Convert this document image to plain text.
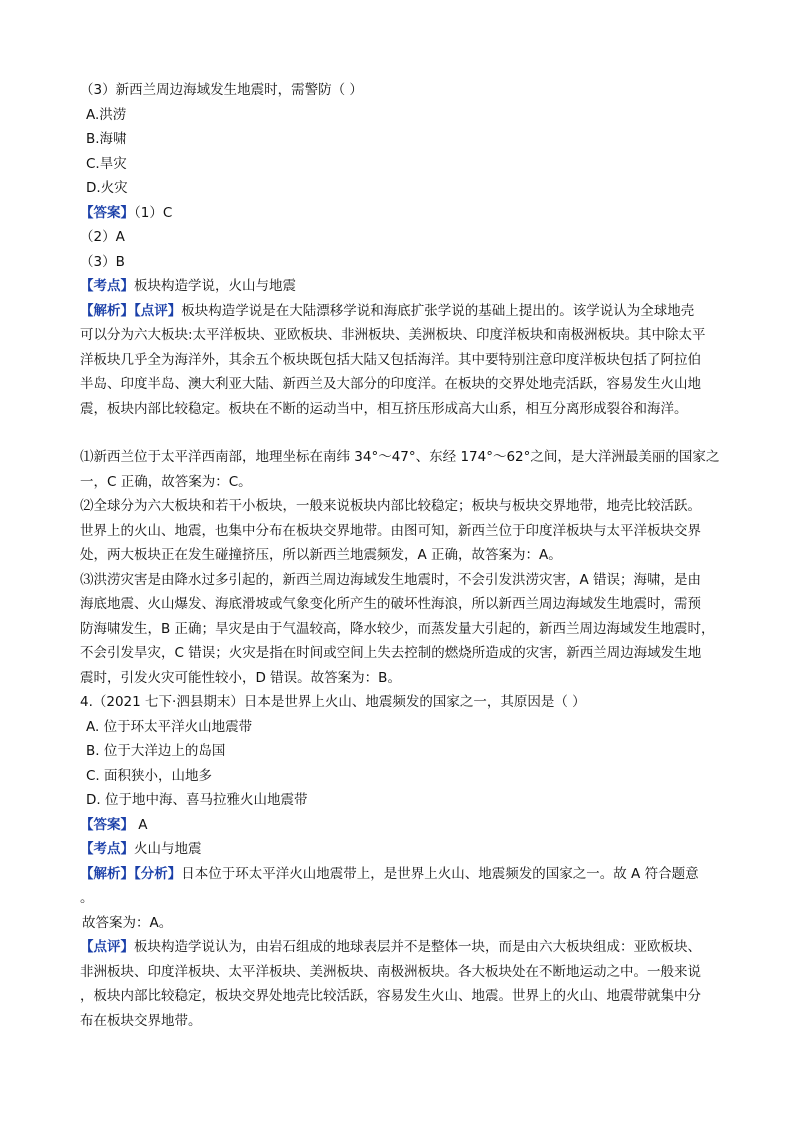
（3）新西兰周边海域发生地震时，需警防（ ）
A.洪涝
B.海啸
C.旱灾
D.火灾
【答案】（1）C
（2）A
（3）B
【考点】板块构造学说，火山与地震
【解析】【点评】板块构造学说是在大陆漂移学说和海底扩张学说的基础上提出的。该学说认为全球地壳
可以分为六大板块:太平洋板块、亚欧板块、非洲板块、美洲板块、印度洋板块和南极洲板块。其中除太平
洋板块几乎全为海洋外，其余五个板块既包括大陆又包括海洋。其中要特别注意印度洋板块包括了阿拉伯
半岛、印度半岛、澳大利亚大陆、新西兰及大部分的印度洋。在板块的交界处地壳活跃，容易发生火山地
震，板块内部比较稳定。板块在不断的运动当中，相互挤压形成高大山系，相互分离形成裂谷和海洋。
⑴新西兰位于太平洋西南部，地理坐标在南纬 34°～47°、东经 174°～62°之间，是大洋洲最美丽的国家之
一，C 正确，故答案为：C。
⑵全球分为六大板块和若干小板块，一般来说板块内部比较稳定；板块与板块交界地带，地壳比较活跃。
世界上的火山、地震，也集中分布在板块交界地带。由图可知，新西兰位于印度洋板块与太平洋板块交界
处，两大板块正在发生碰撞挤压，所以新西兰地震频发，A 正确，故答案为：A。
⑶洪涝灾害是由降水过多引起的，新西兰周边海域发生地震时，不会引发洪涝灾害，A 错误；海啸，是由
海底地震、火山爆发、海底滑坡或气象变化所产生的破坏性海浪，所以新西兰周边海域发生地震时，需预
防海啸发生，B 正确；旱灾是由于气温较高，降水较少，而蒸发量大引起的，新西兰周边海域发生地震时，
不会引发旱灾，C 错误；火灾是指在时间或空间上失去控制的燃烧所造成的灾害，新西兰周边海域发生地
震时，引发火灾可能性较小，D 错误。故答案为：B。
4.（2021 七下·泗县期末）日本是世界上火山、地震频发的国家之一，其原因是（ ）
A. 位于环太平洋火山地震带
B. 位于大洋边上的岛国
C. 面积狭小，山地多
D. 位于地中海、喜马拉雅火山地震带
【答案】 A
【考点】火山与地震
【解析】【分析】日本位于环太平洋火山地震带上，是世界上火山、地震频发的国家之一。故 A 符合题意
。
故答案为：A。
【点评】板块构造学说认为，由岩石组成的地球表层并不是整体一块，而是由六大板块组成：亚欧板块、
非洲板块、印度洋板块、太平洋板块、美洲板块、南极洲板块。各大板块处在不断地运动之中。一般来说
，板块内部比较稳定，板块交界处地壳比较活跃，容易发生火山、地震。世界上的火山、地震带就集中分
布在板块交界地带。
